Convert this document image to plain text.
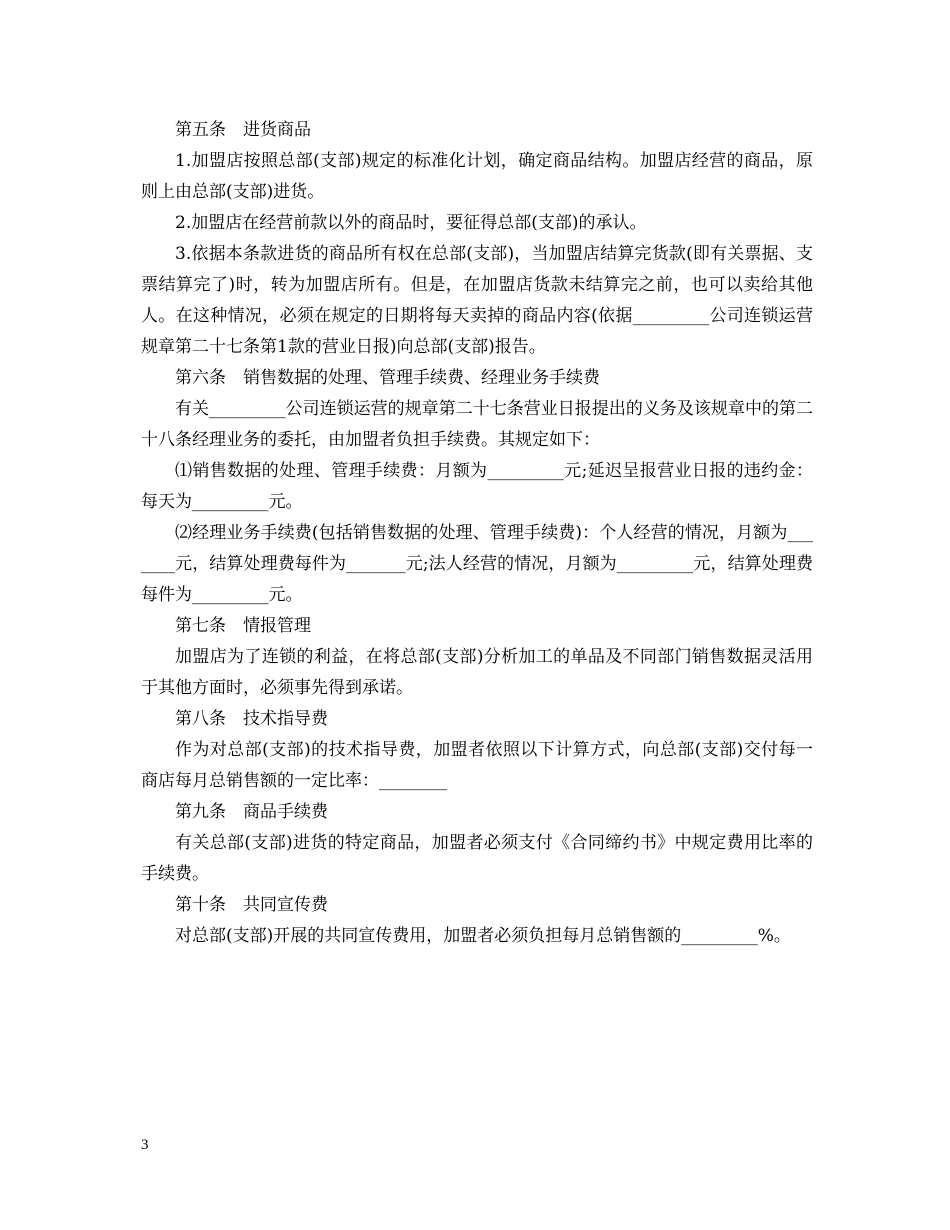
第五条　进货商品

1.加盟店按照总部(支部)规定的标准化计划，确定商品结构。加盟店经营的商品，原则上由总部(支部)进货。

2.加盟店在经营前款以外的商品时，要征得总部(支部)的承认。

3.依据本条款进货的商品所有权在总部(支部)，当加盟店结算完货款(即有关票据、支票结算完了)时，转为加盟店所有。但是，在加盟店货款未结算完之前，也可以卖给其他人。在这种情况，必须在规定的日期将每天卖掉的商品内容(依据_________公司连锁运营规章第二十七条第1款的营业日报)向总部(支部)报告。

第六条　销售数据的处理、管理手续费、经理业务手续费

有关_________公司连锁运营的规章第二十七条营业日报提出的义务及该规章中的第二十八条经理业务的委托，由加盟者负担手续费。其规定如下：

⑴销售数据的处理、管理手续费：月额为_________元;延迟呈报营业日报的违约金：每天为_________元。

⑵经理业务手续费(包括销售数据的处理、管理手续费)：个人经营的情况，月额为_______元，结算处理费每件为_______元;法人经营的情况，月额为_________元，结算处理费每件为_________元。

第七条　情报管理

加盟店为了连锁的利益，在将总部(支部)分析加工的单品及不同部门销售数据灵活用于其他方面时，必须事先得到承诺。

第八条　技术指导费

作为对总部(支部)的技术指导费，加盟者依照以下计算方式，向总部(支部)交付每一商店每月总销售额的一定比率：________

第九条　商品手续费

有关总部(支部)进货的特定商品，加盟者必须支付《合同缔约书》中规定费用比率的手续费。

第十条　共同宣传费

对总部(支部)开展的共同宣传费用，加盟者必须负担每月总销售额的_________%。

3
